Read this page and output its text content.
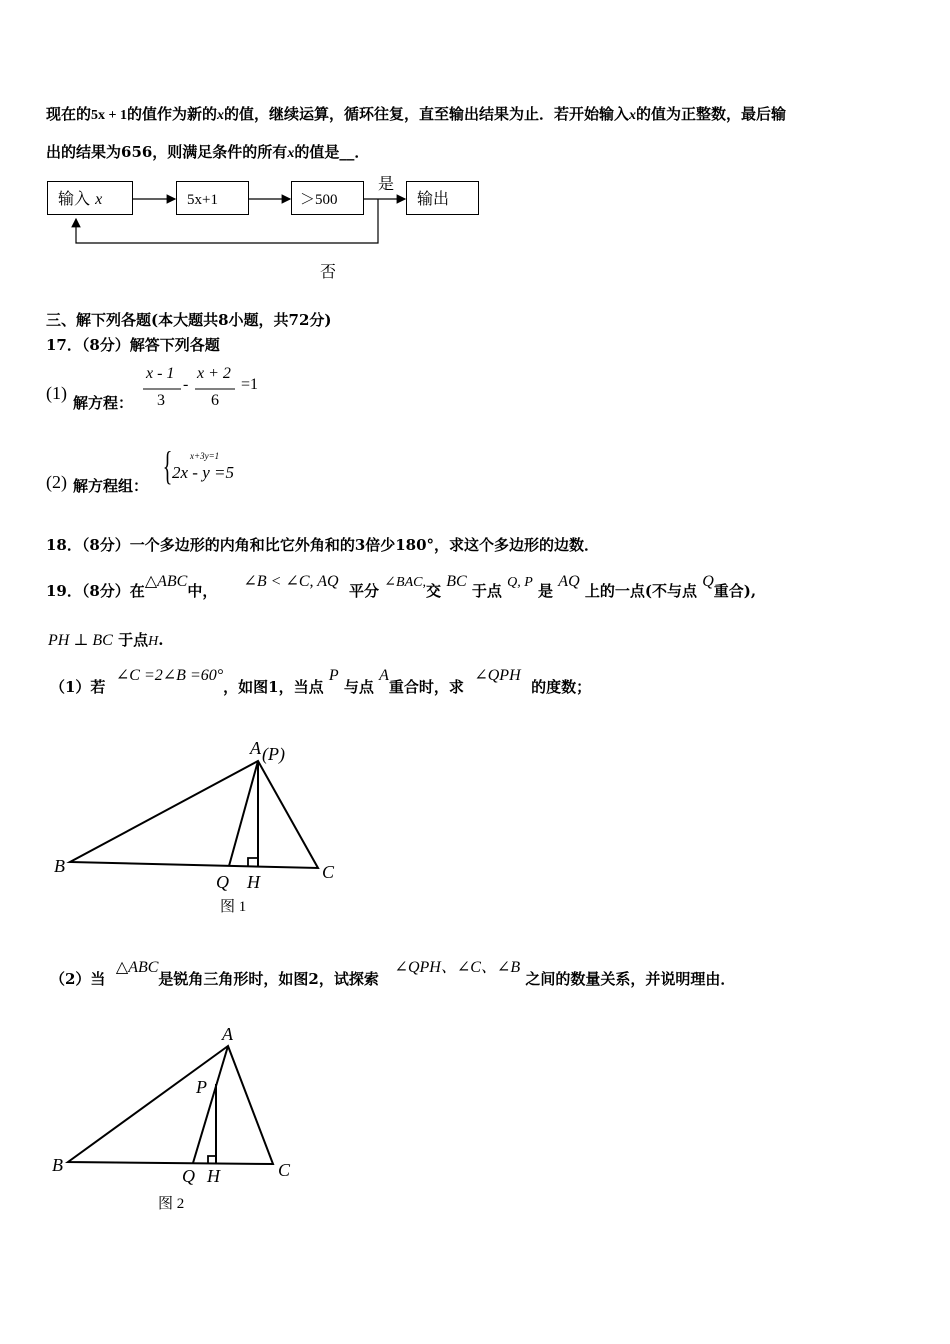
现在的5x + 1的值作为新的x的值，继续运算，循环往复，直至输出结果为止．若开始输入x的值为正整数，最后输
出的结果为656，则满足条件的所有x的值是__．
输入 x	5x+1	＞500	输出
是
否
三、解下列各题(本大题共8小题，共72分)
17．（8分）解答下列各题
(1) 解方程：
x - 1
3
-
x + 2
6
=1
(2) 解方程组： { x+3y=1
2x - y =5
18．（8分）一个多边形的内角和比它外角和的3倍少180°，求这个多边形的边数．
19．（8分）在△ABC中，     ∠B < ∠C, AQ  平分 ∠BAC,交 BC 于点 Q, P 是 AQ 上的一点(不与点 Q重合),
PH ⊥ BC 于点H.
（1）若  ∠C =2∠B =60°，如图1，当点 P 与点 A重合时，求  ∠QPH  的度数；
A (P)
B	C
Q H
图 1
（2）当  △ABC是锐角三角形时，如图2，试探索   ∠QPH、∠C、∠B 之间的数量关系，并说明理由．
A
P
B	C
Q H
图 2
